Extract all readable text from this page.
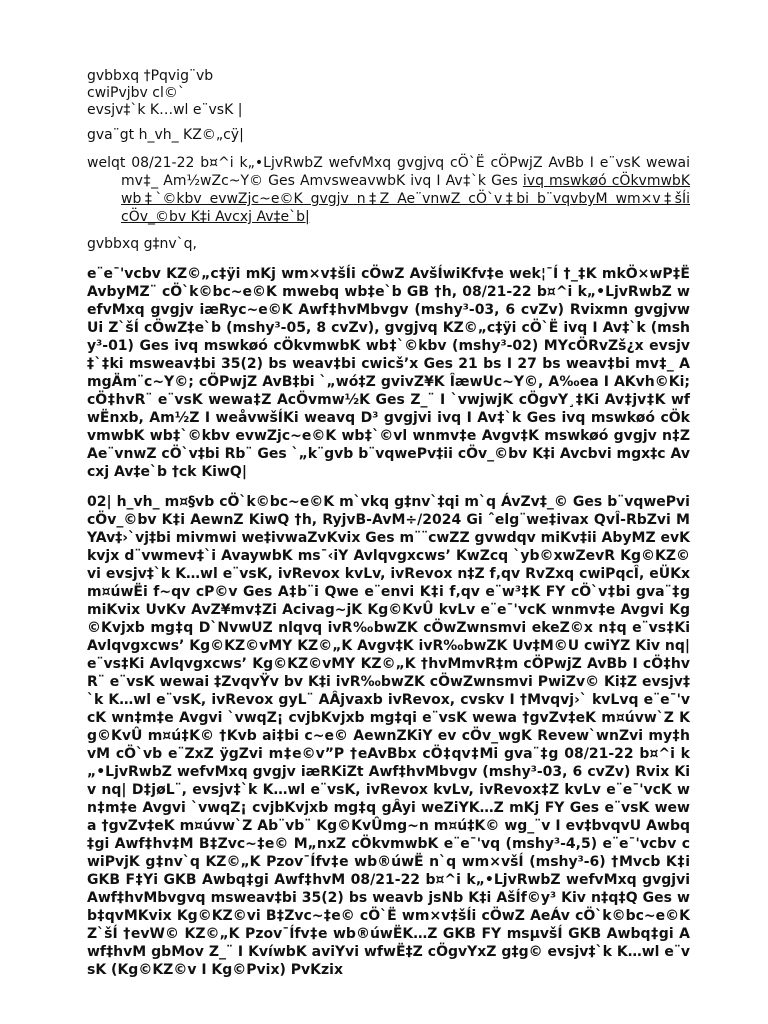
gvbbxq †Pqvig¨vb

cwiPvjbv cl©`

evsjv‡`k K…wl e¨vsK |

gva¨gt h_vh_ KZ©„cÿ|

welqt 08/21-22 b¤^i k„•LjvRwbZ wefvMxq gvgjvq cÖ`Ë cÖPwjZ AvBb I e¨vsK wewai mv‡_ Am½wZc~Y© Ges AmvsweavwbK ivq I Av‡`k Ges ivq mswkøó cÖkvmwbK wb‡`©kbv evwZjc~e©K gvgjv n‡Z Ae¨vnwZ cÖ`v‡bi b¨vqvbyM wm×v‡šÍi cÖv_©bv K‡i Avcxj Av‡e`b|

gvbbxq g‡nv`q,

e¨e¯'vcbv KZ©„c‡ÿi mKj wm×v‡šÍi cÖwZ AvšÍwiKfv‡e wek¦¯Í †_‡K mkÖ×wP‡Ë AvbyMZ¨ cÖ`k©bc~e©K mwebq wb‡e`b GB †h, 08/21-22 b¤^i k„•LjvRwbZ wefvMxq gvgjv iæRyc~e©K Awf‡hvMbvgv (mshy³-03, 6 cvZv) Rvixmn gvgjvwUi Z`šÍ cÖwZ‡e`b (mshy³-05, 8 cvZv), gvgjvq KZ©„c‡ÿi cÖ`Ë ivq I Av‡`k (mshy³-01) Ges ivq mswkøó cÖkvmwbK wb‡`©kbv (mshy³-02) MYcÖRvZš¿x evsjv‡`‡ki msweav‡bi 35(2) bs weav‡bi cwicš’x Ges 21 bs I 27 bs weav‡bi mv‡_ AmgÄm¨c~Y©; cÖPwjZ AvB‡bi `„wó‡Z gvivZ¥K ÎæwUc~Y©, A‰ea I AKvh©Ki; cÖ‡hvR¨ e¨vsK wewa‡Z AcÖvmw½K Ges Z_¨ I `vwjwjK cÖgvY¸‡Ki Av‡jv‡K wfwËnxb, Am½Z I weåvwšÍKi weavq D³ gvgjvi ivq I Av‡`k Ges ivq mswkøó cÖkvmwbK wb‡`©kbv evwZjc~e©K wb‡`©vl wnmv‡e Avgv‡K mswkøó gvgjv n‡Z Ae¨vnwZ cÖ`v‡bi Rb¨ Ges `„k¨gvb b¨vqwePv‡ii cÖv_©bv K‡i Avcbvi mgx‡c Avcxj Av‡e`b †ck KiwQ|
02| h_vh_ m¤§vb cÖ`k©bc~e©K m`vkq g‡nv`‡qi m`q ÁvZv‡_© Ges b¨vqwePvi cÖv_©bv K‡i AewnZ KiwQ †h, RyjvB-AvM÷/2024 Gi ˆelg¨we‡ivax QvÎ-RbZvi MYAv‡›`vj‡bi mivmwi we‡ivwaZvKvix Ges m¨¨cwZZ gvwdqv miKv‡ii AbyMZ evKkvjx d¨vwmev‡`i AvaywbK ms¯‹iY Avlqvgxcws’ KwZcq `yb©xwZevR Kg©KZ©vi evsjv‡`k K…wl e¨vsK, ivRevox kvLv, ivRevox n‡Z f‚qv RvZxq cwiPqcÎ, eÜKx m¤úwËi f~qv cP©v Ges A‡b¨i Qwe e¨envi K‡i f‚qv e¨w³‡K FY cÖ`v‡bi gva¨‡g miKvix UvKv AvZ¥mv‡Zi Acivag~jK Kg©KvÛ kvLv e¨e¯'vcK wnmv‡e Avgvi Kg©Kvjxb mg‡q D`NvwUZ nlqvq ivR‰bwZK cÖwZwnsmvi ekeZ©x n‡q e¨vs‡Ki Avlqvgxcws’ Kg©KZ©vMY KZ©„K Avgv‡K ivR‰bwZK Uv‡M©U cwiYZ Kiv nq| e¨vs‡Ki Avlqvgxcws’ Kg©KZ©vMY KZ©„K †hvMmvR‡m cÖPwjZ AvBb I cÖ‡hvR¨ e¨vsK wewai ‡ZvqvŸv bv K‡i ivR‰bwZK cÖwZwnsmvi PwiZv© Ki‡Z evsjv‡`k K…wl e¨vsK, ivRevox gyL¨ AÂjvaxb ivRevox, cvskv I †Mvqvj›` kvLvq e¨e¯'vcK wn‡m‡e Avgvi `vwqZ¡ cvjbKvjxb mg‡qi e¨vsK wewa †gvZv‡eK m¤úvw`Z Kg©KvÛ m¤ú‡K© †Kvb ai‡bi c~e© AewnZKiY ev cÖv_wgK Revew`wnZvi my‡hvM cÖ`vb e¨ZxZ ÿgZvi m‡e©v”P †eAvBbx cÖ‡qv‡Mi gva¨‡g 08/21-22 b¤^i k„•LjvRwbZ wefvMxq gvgjv iæRKiZt Awf‡hvMbvgv (mshy³-03, 6 cvZv) Rvix Kiv nq| D‡jøL¨, evsjv‡`k K…wl e¨vsK, ivRevox kvLv, ivRevox‡Z kvLv e¨e¯'vcK wn‡m‡e Avgvi `vwqZ¡ cvjbKvjxb mg‡q gÂyi weZiYK…Z mKj FY Ges e¨vsK wewa †gvZv‡eK m¤úvw`Z Ab¨vb¨ Kg©KvÛmg~n m¤ú‡K© wg_¨v I ev‡bvqvU Awbq‡gi Awf‡hv‡M B‡Zvc~‡e© M„nxZ cÖkvmwbK e¨e¯'vq (mshy³-4,5) e¨e¯'vcbv cwiPvjK g‡nv`q KZ©„K Pzov¯Ífv‡e wb®úwË n`q wm×všÍ (mshy³-6) †Mvcb K‡i GKB F‡Yi GKB Awbq‡gi Awf‡hvM 08/21-22 b¤^i k„•LjvRwbZ wefvMxq gvgjvi Awf‡hvMbvgvq msweav‡bi 35(2) bs weavb jsNb K‡i AšÍf©y³ Kiv n‡q‡Q Ges wb‡qvMKvix Kg©KZ©vi B‡Zvc~‡e© cÖ`Ë wm×v‡šÍi cÖwZ AeÁv cÖ`k©bc~e©K Z`šÍ †evW© KZ©„K Pzov¯Ífv‡e wb®úwËK…Z GKB FY msµvšÍ GKB Awbq‡gi Awf‡hvM gbMov Z_¨ I KvíwbK aviYvi wfwË‡Z cÖgvYxZ g‡g© evsjv‡`k K…wl e¨vsK (Kg©KZ©v I Kg©Pvix) PvKzix
